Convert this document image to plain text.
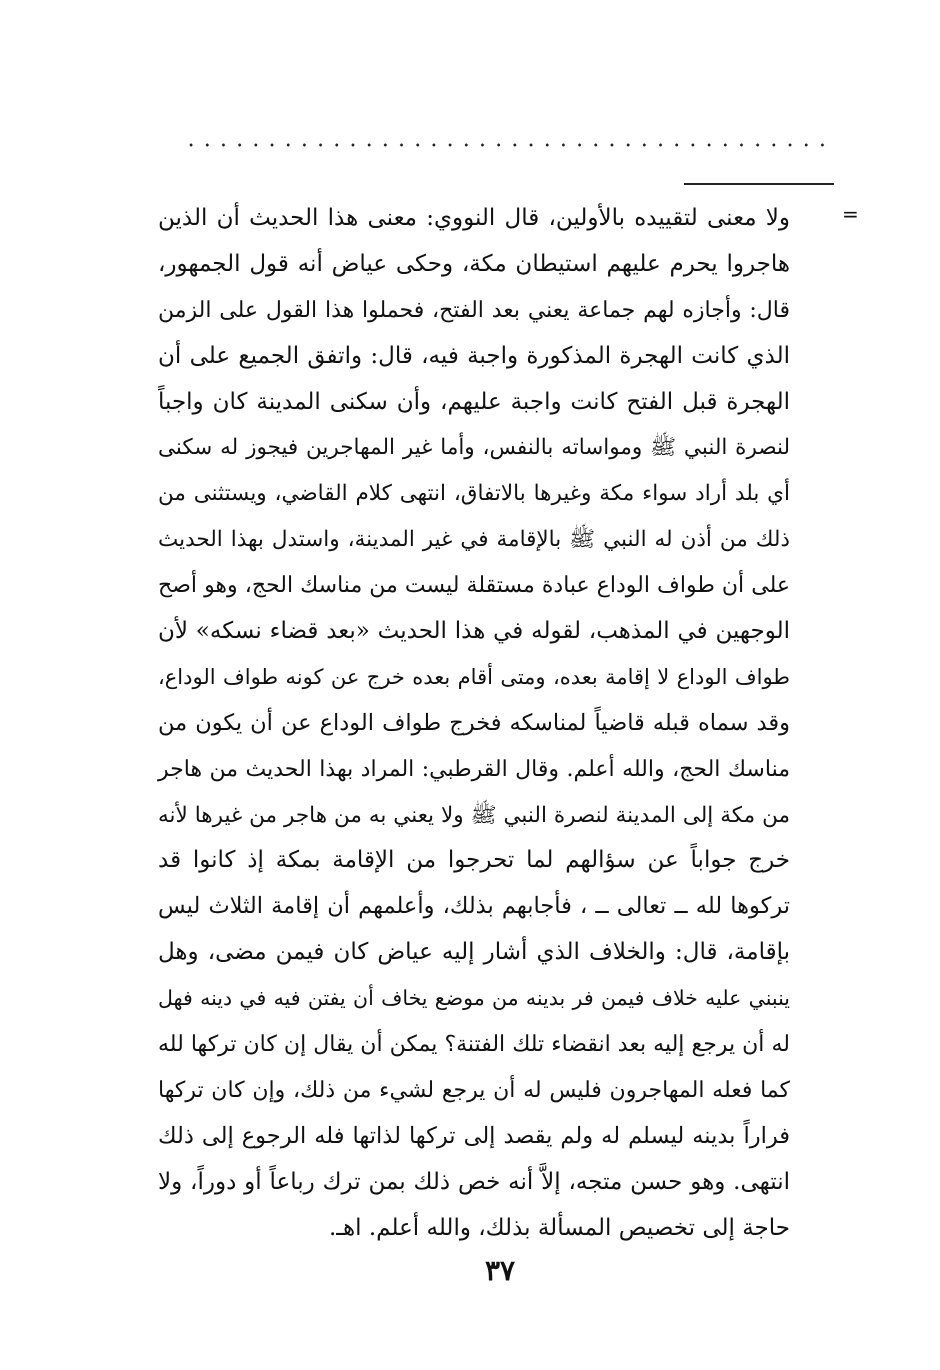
=
ولا معنى لتقييده بالأولين، قال النووي: معنى هذا الحديث أن الذين
هاجروا يحرم عليهم استيطان مكة، وحكى عياض أنه قول الجمهور،
قال: وأجازه لهم جماعة يعني بعد الفتح، فحملوا هذا القول على الزمن
الذي كانت الهجرة المذكورة واجبة فيه، قال: واتفق الجميع على أن
الهجرة قبل الفتح كانت واجبة عليهم، وأن سكنى المدينة كان واجباً
لنصرة النبي ﷺ ومواساته بالنفس، وأما غير المهاجرين فيجوز له سكنى
أي بلد أراد سواء مكة وغيرها بالاتفاق، انتهى كلام القاضي، ويستثنى من
ذلك من أذن له النبي ﷺ بالإقامة في غير المدينة، واستدل بهذا الحديث
على أن طواف الوداع عبادة مستقلة ليست من مناسك الحج، وهو أصح
الوجهين في المذهب، لقوله في هذا الحديث «بعد قضاء نسكه» لأن
طواف الوداع لا إقامة بعده، ومتى أقام بعده خرج عن كونه طواف الوداع،
وقد سماه قبله قاضياً لمناسكه فخرج طواف الوداع عن أن يكون من
مناسك الحج، والله أعلم. وقال القرطبي: المراد بهذا الحديث من هاجر
من مكة إلى المدينة لنصرة النبي ﷺ ولا يعني به من هاجر من غيرها لأنه
خرج جواباً عن سؤالهم لما تحرجوا من الإقامة بمكة إذ كانوا قد
تركوها لله ــ تعالى ــ ، فأجابهم بذلك، وأعلمهم أن إقامة الثلاث ليس
بإقامة، قال: والخلاف الذي أشار إليه عياض كان فيمن مضى، وهل
ينبني عليه خلاف فيمن فر بدينه من موضع يخاف أن يفتن فيه في دينه فهل
له أن يرجع إليه بعد انقضاء تلك الفتنة؟ يمكن أن يقال إن كان تركها لله
كما فعله المهاجرون فليس له أن يرجع لشيء من ذلك، وإن كان تركها
فراراً بدينه ليسلم له ولم يقصد إلى تركها لذاتها فله الرجوع إلى ذلك
انتهى. وهو حسن متجه، إلاَّ أنه خص ذلك بمن ترك رباعاً أو دوراً، ولا
حاجة إلى تخصيص المسألة بذلك، والله أعلم. اهـ.
٣٧
